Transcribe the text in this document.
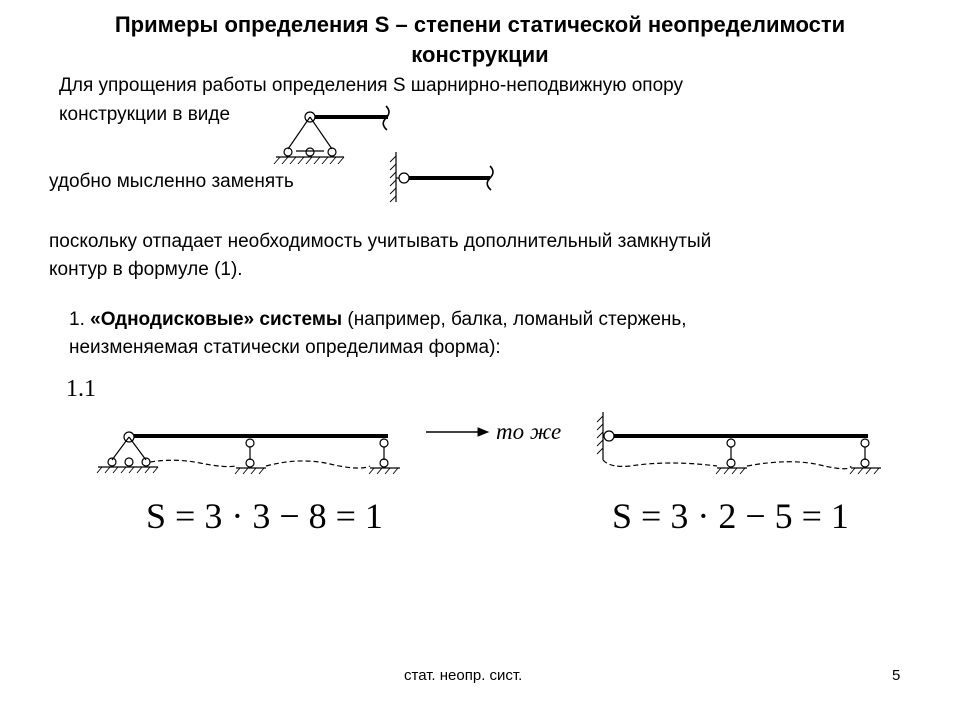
Примеры определения S – степени статической неопределимости
конструкции
Для упрощения работы определения S шарнирно-неподвижную опору
конструкции в виде
удобно мысленно заменять
поскольку отпадает необходимость учитывать дополнительный замкнутый
контур в формуле (1).
1. «Однодисковые» системы (например, балка, ломаный стержень,
неизменяемая статически определимая форма):
1.1
то же
S = 3 · 3 − 8 = 1	S = 3 · 2 − 5 = 1
стат. неопр. сист.	5
